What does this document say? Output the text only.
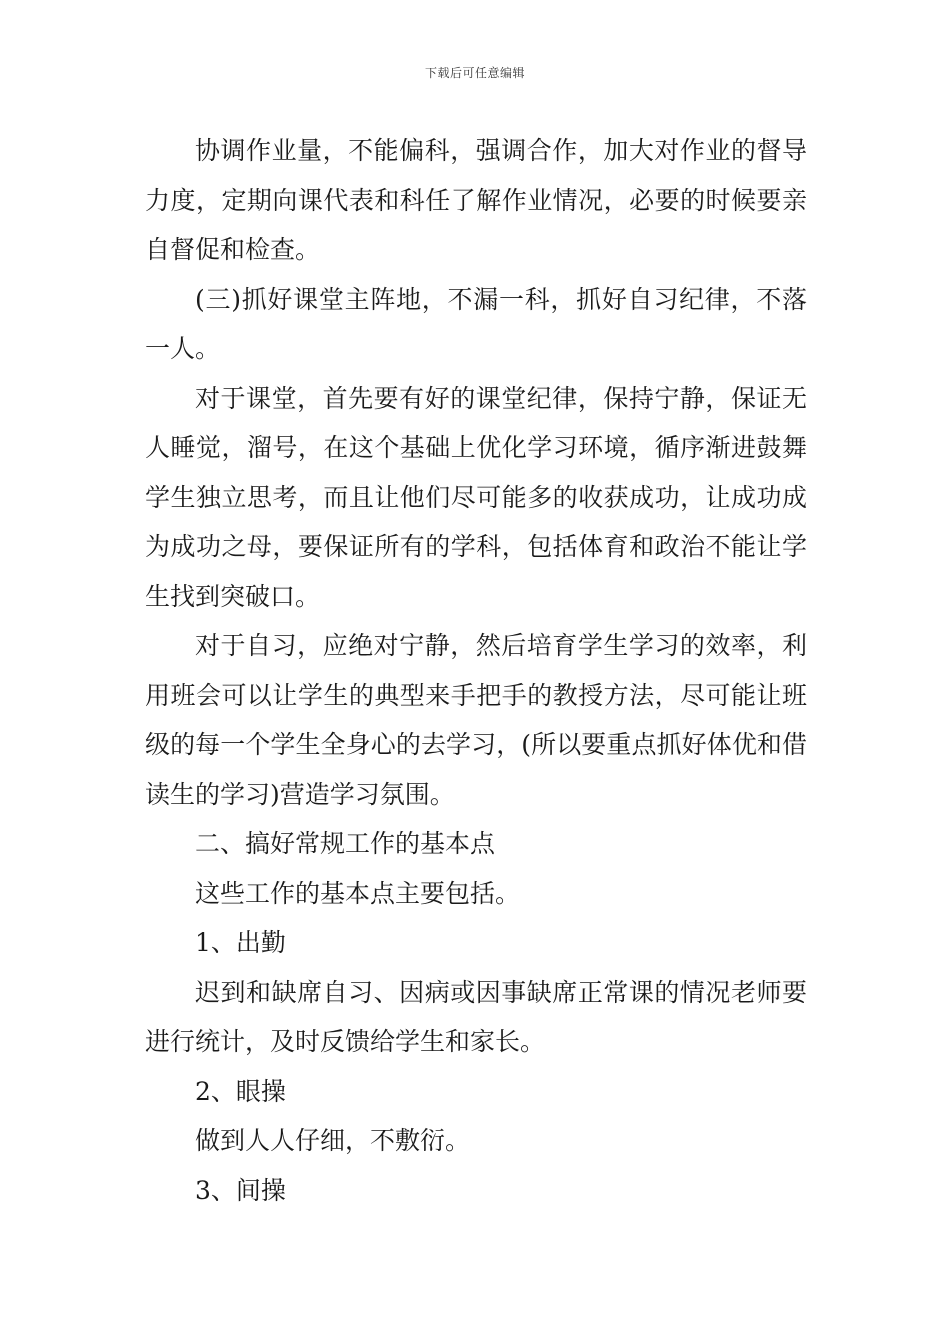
下载后可任意编辑

协调作业量，不能偏科，强调合作，加大对作业的督导力度，定期向课代表和科任了解作业情况，必要的时候要亲自督促和检查。

(三)抓好课堂主阵地，不漏一科，抓好自习纪律，不落一人。

对于课堂，首先要有好的课堂纪律，保持宁静，保证无人睡觉，溜号，在这个基础上优化学习环境，循序渐进鼓舞学生独立思考，而且让他们尽可能多的收获成功，让成功成为成功之母，要保证所有的学科，包括体育和政治不能让学生找到突破口。

对于自习，应绝对宁静，然后培育学生学习的效率，利用班会可以让学生的典型来手把手的教授方法，尽可能让班级的每一个学生全身心的去学习，(所以要重点抓好体优和借读生的学习)营造学习氛围。

二、搞好常规工作的基本点

这些工作的基本点主要包括。

1、出勤

迟到和缺席自习、因病或因事缺席正常课的情况老师要进行统计，及时反馈给学生和家长。

2、眼操

做到人人仔细，不敷衍。

3、间操
